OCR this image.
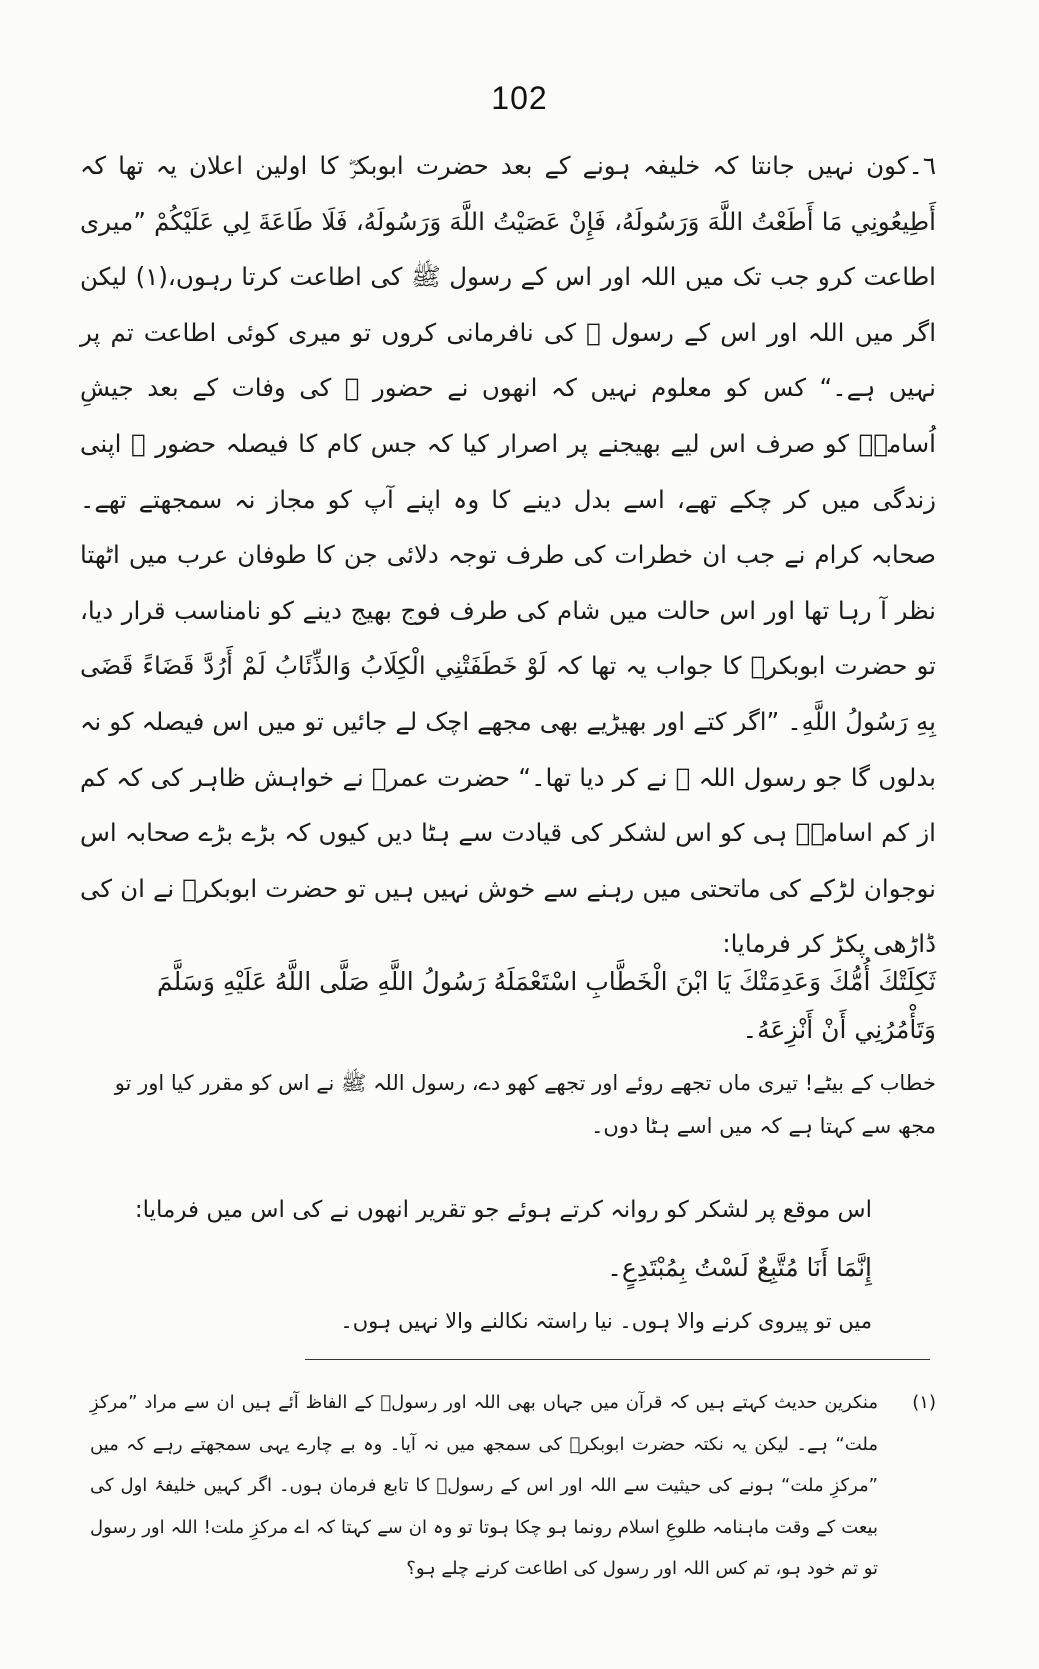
102

٦۔کون نہیں جانتا کہ خلیفہ ہونے کے بعد حضرت ابوبکرؓ کا اولین اعلان یہ تھا کہ أَطِيعُونِي مَا أَطَعْتُ اللَّهَ وَرَسُولَهُ، فَإِنْ عَصَيْتُ اللَّهَ وَرَسُولَهُ، فَلَا طَاعَةَ لِي عَلَيْكُمْ ”میری اطاعت کرو جب تک میں اللہ اور اس کے رسول ﷺ کی اطاعت کرتا رہوں،(١) لیکن اگر میں اللہ اور اس کے رسول ﷺ کی نافرمانی کروں تو میری کوئی اطاعت تم پر نہیں ہے۔“ کس کو معلوم نہیں کہ انھوں نے حضور ﷺ کی وفات کے بعد جیشِ اُسامہؓ کو صرف اس لیے بھیجنے پر اصرار کیا کہ جس کام کا فیصلہ حضور ﷺ اپنی زندگی میں کر چکے تھے، اسے بدل دینے کا وہ اپنے آپ کو مجاز نہ سمجھتے تھے۔ صحابہ کرام نے جب ان خطرات کی طرف توجہ دلائی جن کا طوفان عرب میں اٹھتا نظر آ رہا تھا اور اس حالت میں شام کی طرف فوج بھیج دینے کو نامناسب قرار دیا، تو حضرت ابوبکرؓ کا جواب یہ تھا کہ لَوْ خَطَفَتْنِي الْكِلَابُ وَالذِّئَابُ لَمْ أَرُدَّ قَضَاءً قَضَى بِهِ رَسُولُ اللَّهِ۔ ”اگر کتے اور بھیڑیے بھی مجھے اچک لے جائیں تو میں اس فیصلہ کو نہ بدلوں گا جو رسول اللہ ﷺ نے کر دیا تھا۔“ حضرت عمرؓ نے خواہش ظاہر کی کہ کم از کم اسامہؓ ہی کو اس لشکر کی قیادت سے ہٹا دیں کیوں کہ بڑے بڑے صحابہ اس نوجوان لڑکے کی ماتحتی میں رہنے سے خوش نہیں ہیں تو حضرت ابوبکرؓ نے ان کی ڈاڑھی پکڑ کر فرمایا:

ثَكِلَتْكَ أُمُّكَ وَعَدِمَتْكَ يَا ابْنَ الْخَطَّابِ اسْتَعْمَلَهُ رَسُولُ اللَّهِ صَلَّى اللَّهُ عَلَيْهِ وَسَلَّمَ وَتَأْمُرُنِي أَنْ أَنْزِعَهُ۔
خطاب کے بیٹے! تیری ماں تجھے روئے اور تجھے کھو دے، رسول اللہ ﷺ نے اس کو مقرر کیا اور تو مجھ سے کہتا ہے کہ میں اسے ہٹا دوں۔
اس موقع پر لشکر کو روانہ کرتے ہوئے جو تقریر انھوں نے کی اس میں فرمایا:
إِنَّمَا أَنَا مُتَّبِعٌ لَسْتُ بِمُبْتَدِعٍ۔
میں تو پیروی کرنے والا ہوں۔ نیا راستہ نکالنے والا نہیں ہوں۔
(١)
منکرین حدیث کہتے ہیں کہ قرآن میں جہاں بھی اللہ اور رسولؐ کے الفاظ آئے ہیں ان سے مراد ”مرکزِ ملت“ ہے۔ لیکن یہ نکتہ حضرت ابوبکرؓ کی سمجھ میں نہ آیا۔ وہ بے چارے یہی سمجھتے رہے کہ میں ”مرکزِ ملت“ ہونے کی حیثیت سے اللہ اور اس کے رسولؐ کا تابع فرمان ہوں۔ اگر کہیں خلیفۂ اول کی بیعت کے وقت ماہنامہ طلوعِ اسلام رونما ہو چکا ہوتا تو وہ ان سے کہتا کہ اے مرکزِ ملت! اللہ اور رسول تو تم خود ہو، تم کس اللہ اور رسول کی اطاعت کرنے چلے ہو؟
